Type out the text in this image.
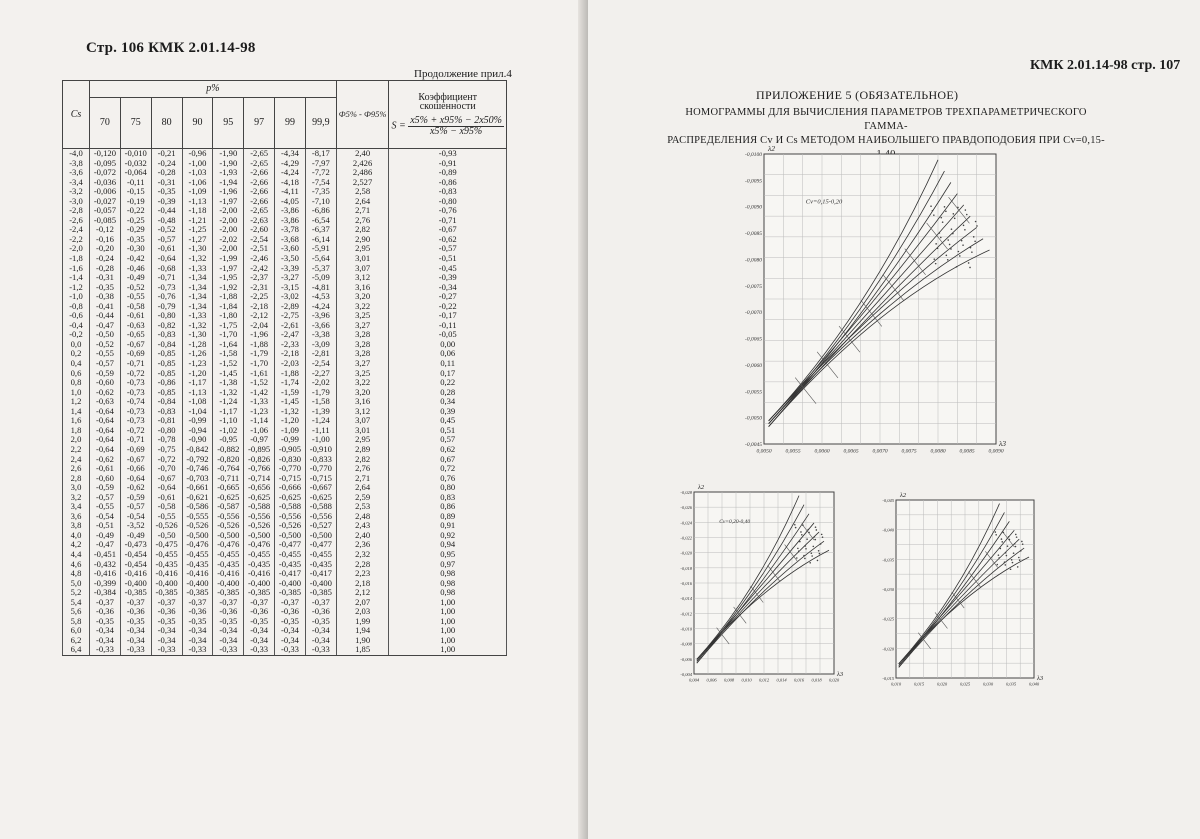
Стр. 106 КМК 2.01.14-98
Продолжение прил.4
Cs	p%								Ф5% - Ф95%	Коэффициент
скошенности
$S = \frac{x5\% + x95\% - 2x50\%}{x5\% - x95\%}$

	70	75	80	90	95	97	99	99,9		
-4,0	-0,120	-0,010	-0,21	-0,96	-1,90	-2,65	-4,34	-8,17	2,40	-0,93
-3,8	-0,095	-0,032	-0,24	-1,00	-1,90	-2,65	-4,29	-7,97	2,426	-0,91
-3,6	-0,072	-0,064	-0,28	-1,03	-1,93	-2,66	-4,24	-7,72	2,486	-0,89
-3,4	-0,036	-0,11	-0,31	-1,06	-1,94	-2,66	-4,18	-7,54	2,527	-0,86
-3,2	-0,006	-0,15	-0,35	-1,09	-1,96	-2,66	-4,11	-7,35	2,58	-0,83
-3,0	-0,027	-0,19	-0,39	-1,13	-1,97	-2,66	-4,05	-7,10	2,64	-0,80
-2,8	-0,057	-0,22	-0,44	-1,18	-2,00	-2,65	-3,86	-6,86	2,71	-0,76
-2,6	-0,085	-0,25	-0,48	-1,21	-2,00	-2,63	-3,86	-6,54	2,76	-0,71
-2,4	-0,12	-0,29	-0,52	-1,25	-2,00	-2,60	-3,78	-6,37	2,82	-0,67
-2,2	-0,16	-0,35	-0,57	-1,27	-2,02	-2,54	-3,68	-6,14	2,90	-0,62
-2,0	-0,20	-0,30	-0,61	-1,30	-2,00	-2,51	-3,60	-5,91	2,95	-0,57
-1,8	-0,24	-0,42	-0,64	-1,32	-1,99	-2,46	-3,50	-5,64	3,01	-0,51
-1,6	-0,28	-0,46	-0,68	-1,33	-1,97	-2,42	-3,39	-5,37	3,07	-0,45
-1,4	-0,31	-0,49	-0,71	-1,34	-1,95	-2,37	-3,27	-5,09	3,12	-0,39
-1,2	-0,35	-0,52	-0,73	-1,34	-1,92	-2,31	-3,15	-4,81	3,16	-0,34
-1,0	-0,38	-0,55	-0,76	-1,34	-1,88	-2,25	-3,02	-4,53	3,20	-0,27
-0,8	-0,41	-0,58	-0,79	-1,34	-1,84	-2,18	-2,89	-4,24	3,22	-0,22
-0,6	-0,44	-0,61	-0,80	-1,33	-1,80	-2,12	-2,75	-3,96	3,25	-0,17
-0,4	-0,47	-0,63	-0,82	-1,32	-1,75	-2,04	-2,61	-3,66	3,27	-0,11
-0,2	-0,50	-0,65	-0,83	-1,30	-1,70	-1,96	-2,47	-3,38	3,28	-0,05
0,0	-0,52	-0,67	-0,84	-1,28	-1,64	-1,88	-2,33	-3,09	3,28	0,00
0,2	-0,55	-0,69	-0,85	-1,26	-1,58	-1,79	-2,18	-2,81	3,28	0,06
0,4	-0,57	-0,71	-0,85	-1,23	-1,52	-1,70	-2,03	-2,54	3,27	0,11
0,6	-0,59	-0,72	-0,85	-1,20	-1,45	-1,61	-1,88	-2,27	3,25	0,17
0,8	-0,60	-0,73	-0,86	-1,17	-1,38	-1,52	-1,74	-2,02	3,22	0,22
1,0	-0,62	-0,73	-0,85	-1,13	-1,32	-1,42	-1,59	-1,79	3,20	0,28
1,2	-0,63	-0,74	-0,84	-1,08	-1,24	-1,33	-1,45	-1,58	3,16	0,34
1,4	-0,64	-0,73	-0,83	-1,04	-1,17	-1,23	-1,32	-1,39	3,12	0,39
1,6	-0,64	-0,73	-0,81	-0,99	-1,10	-1,14	-1,20	-1,24	3,07	0,45
1,8	-0,64	-0,72	-0,80	-0,94	-1,02	-1,06	-1,09	-1,11	3,01	0,51
2,0	-0,64	-0,71	-0,78	-0,90	-0,95	-0,97	-0,99	-1,00	2,95	0,57
2,2	-0,64	-0,69	-0,75	-0,842	-0,882	-0,895	-0,905	-0,910	2,89	0,62
2,4	-0,62	-0,67	-0,72	-0,792	-0,820	-0,826	-0,830	-0,833	2,82	0,67
2,6	-0,61	-0,66	-0,70	-0,746	-0,764	-0,766	-0,770	-0,770	2,76	0,72
2,8	-0,60	-0,64	-0,67	-0,703	-0,711	-0,714	-0,715	-0,715	2,71	0,76
3,0	-0,59	-0,62	-0,64	-0,661	-0,665	-0,656	-0,666	-0,667	2,64	0,80
3,2	-0,57	-0,59	-0,61	-0,621	-0,625	-0,625	-0,625	-0,625	2,59	0,83
3,4	-0,55	-0,57	-0,58	-0,586	-0,587	-0,588	-0,588	-0,588	2,53	0,86
3,6	-0,54	-0,54	-0,55	-0,555	-0,556	-0,556	-0,556	-0,556	2,48	0,89
3,8	-0,51	-3,52	-0,526	-0,526	-0,526	-0,526	-0,526	-0,527	2,43	0,91
4,0	-0,49	-0,49	-0,50	-0,500	-0,500	-0,500	-0,500	-0,500	2,40	0,92
4,2	-0,47	-0,473	-0,475	-0,476	-0,476	-0,476	-0,477	-0,477	2,36	0,94
4,4	-0,451	-0,454	-0,455	-0,455	-0,455	-0,455	-0,455	-0,455	2,32	0,95
4,6	-0,432	-0,454	-0,435	-0,435	-0,435	-0,435	-0,435	-0,435	2,28	0,97
4,8	-0,416	-0,416	-0,416	-0,416	-0,416	-0,416	-0,417	-0,417	2,23	0,98
5,0	-0,399	-0,400	-0,400	-0,400	-0,400	-0,400	-0,400	-0,400	2,18	0,98
5,2	-0,384	-0,385	-0,385	-0,385	-0,385	-0,385	-0,385	-0,385	2,12	0,98
5,4	-0,37	-0,37	-0,37	-0,37	-0,37	-0,37	-0,37	-0,37	2,07	1,00
5,6	-0,36	-0,36	-0,36	-0,36	-0,36	-0,36	-0,36	-0,36	2,03	1,00
5,8	-0,35	-0,35	-0,35	-0,35	-0,35	-0,35	-0,35	-0,35	1,99	1,00
6,0	-0,34	-0,34	-0,34	-0,34	-0,34	-0,34	-0,34	-0,34	1,94	1,00
6,2	-0,34	-0,34	-0,34	-0,34	-0,34	-0,34	-0,34	-0,34	1,90	1,00
6,4	-0,33	-0,33	-0,33	-0,33	-0,33	-0,33	-0,33	-0,33	1,85	1,00
КМК 2.01.14-98 стр. 107
ПРИЛОЖЕНИЕ 5 (ОБЯЗАТЕЛЬНОЕ)
НОМОГРАММЫ ДЛЯ ВЫЧИСЛЕНИЯ ПАРАМЕТРОВ ТРЕХПАРАМЕТРИЧЕСКОГО ГАММА-
РАСПРЕДЕЛЕНИЯ Cv И Cs МЕТОДОМ НАИБОЛЬШЕГО ПРАВДОПОДОБИЯ ПРИ Cv=0,15-
-0,0100
-0,0095
-0,0090
-0,0085
-0,0080
-0,0075
-0,0070
-0,0065
-0,0060
-0,0055
-0,0050
-0,0045
0,0050	0,0055	0,0060	0,0065	0,0070	0,0075	0,0080	0,0085	0,0090
λ2
λ3
Cv=0,15-0,20
-0,028
-0,026
-0,024
-0,022
-0,020
-0,018
-0,016
-0,014
-0,012
-0,010
-0,008
-0,006
-0,004
0,004 0,006 0,008 0,010 0,012 0,014 0,016 0,018 0,020
λ2
λ3
Cv=0,20-0,40
-0,045
-0,040
-0,035
-0,030
-0,025
-0,020
-0,015
0,010	0,015	0,020	0,025	0,030	0,035	0,040
λ2
λ3
